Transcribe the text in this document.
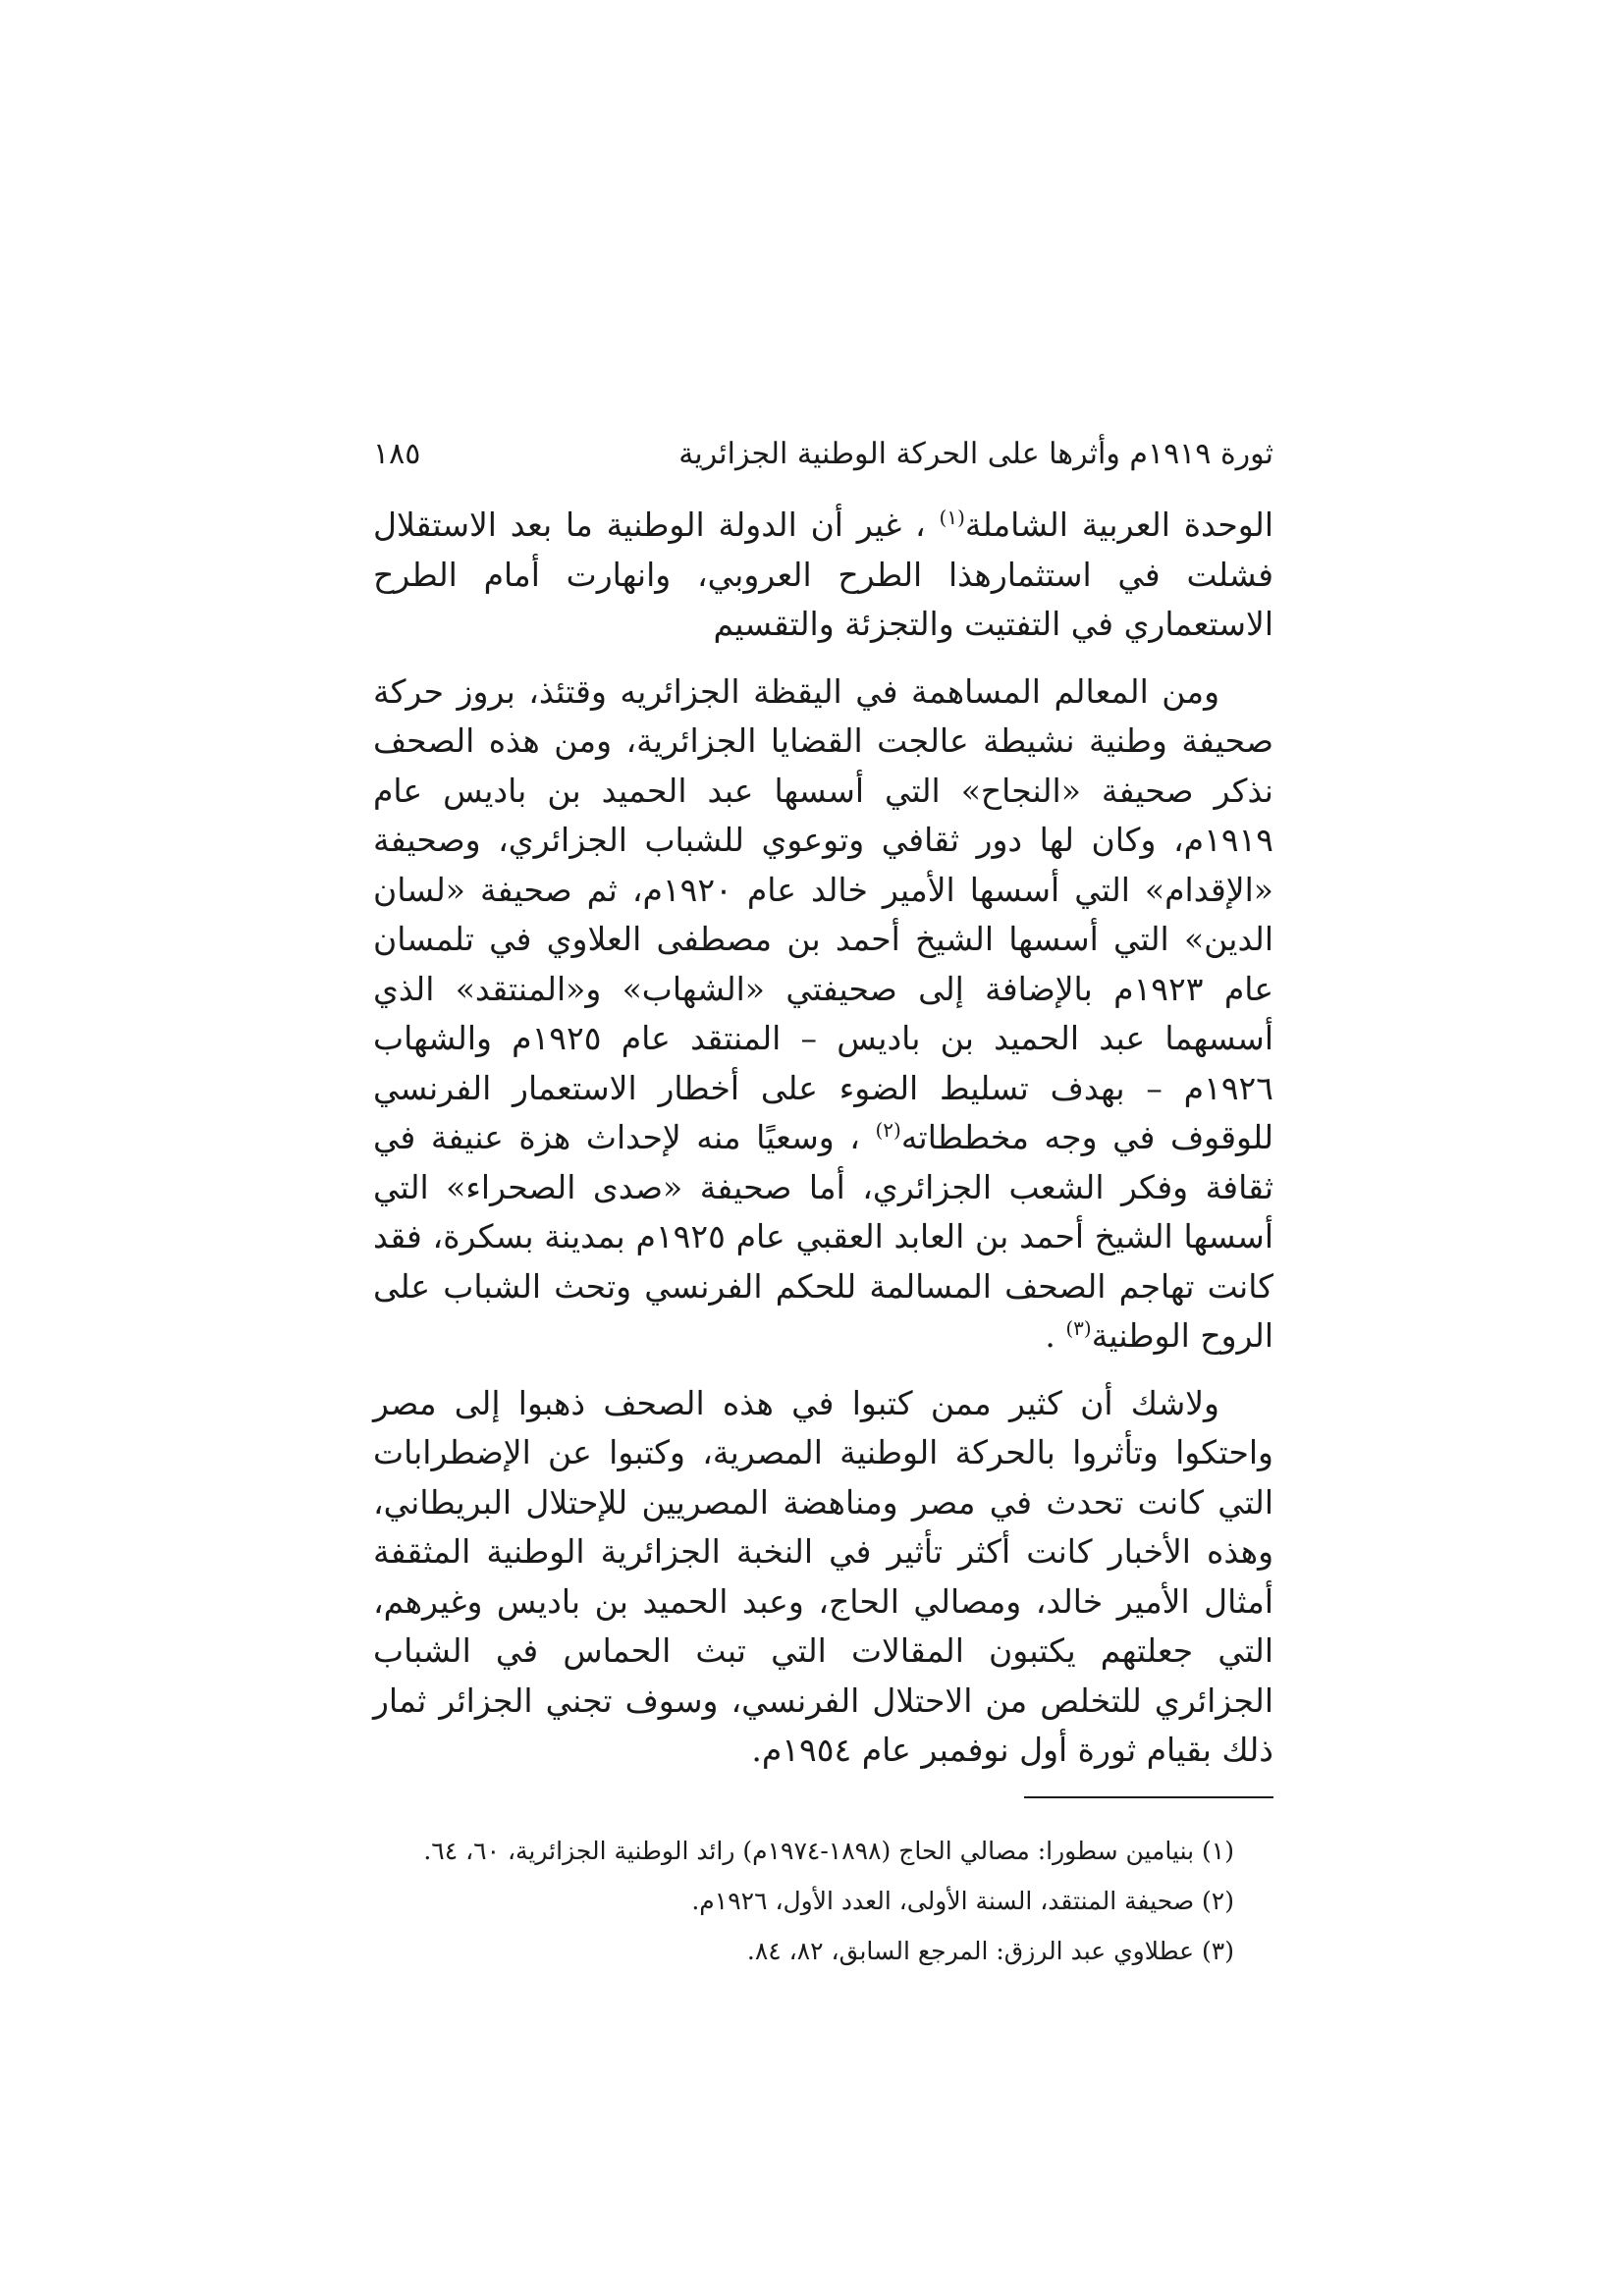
ثورة ١٩١٩م وأثرها على الحركة الوطنية الجزائرية
١٨٥

الوحدة العربية الشاملة$^{(١)}$ ، غير أن الدولة الوطنية ما بعد الاستقلال فشلت في استثمارهذا الطرح العروبي، وانهارت أمام الطرح الاستعماري في التفتيت والتجزئة والتقسيم

ومن المعالم المساهمة في اليقظة الجزائريه وقتئذ، بروز حركة صحيفة وطنية نشيطة عالجت القضايا الجزائرية، ومن هذه الصحف نذكر صحيفة «النجاح» التي أسسها عبد الحميد بن باديس عام ١٩١٩م، وكان لها دور ثقافي وتوعوي للشباب الجزائري، وصحيفة «الإقدام» التي أسسها الأمير خالد عام ١٩٢٠م، ثم صحيفة «لسان الدين» التي أسسها الشيخ أحمد بن مصطفى العلاوي في تلمسان عام ١٩٢٣م بالإضافة إلى صحيفتي «الشهاب» و«المنتقد» الذي أسسهما عبد الحميد بن باديس – المنتقد عام ١٩٢٥م والشهاب ١٩٢٦م – بهدف تسليط الضوء على أخطار الاستعمار الفرنسي للوقوف في وجه مخططاته$^{(٢)}$ ، وسعيًا منه لإحداث هزة عنيفة في ثقافة وفكر الشعب الجزائري، أما صحيفة «صدى الصحراء» التي أسسها الشيخ أحمد بن العابد العقبي عام ١٩٢٥م بمدينة بسكرة، فقد كانت تهاجم الصحف المسالمة للحكم الفرنسي وتحث الشباب على الروح الوطنية$^{(٣)}$ .

ولاشك أن كثير ممن كتبوا في هذه الصحف ذهبوا إلى مصر واحتكوا وتأثروا بالحركة الوطنية المصرية، وكتبوا عن الإضطرابات التي كانت تحدث في مصر ومناهضة المصريين للإحتلال البريطاني، وهذه الأخبار كانت أكثر تأثير في النخبة الجزائرية الوطنية المثقفة أمثال الأمير خالد، ومصالي الحاج، وعبد الحميد بن باديس وغيرهم، التي جعلتهم يكتبون المقالات التي تبث الحماس في الشباب الجزائري للتخلص من الاحتلال الفرنسي، وسوف تجني الجزائر ثمار ذلك بقيام ثورة أول نوفمبر عام ١٩٥٤م.

(١) بنيامين سطورا: مصالي الحاج (١٨٩٨-١٩٧٤م) رائد الوطنية الجزائرية، ٦٠، ٦٤.

(٢) صحيفة المنتقد، السنة الأولى، العدد الأول، ١٩٢٦م.

(٣) عطلاوي عبد الرزق: المرجع السابق، ٨٢، ٨٤.
